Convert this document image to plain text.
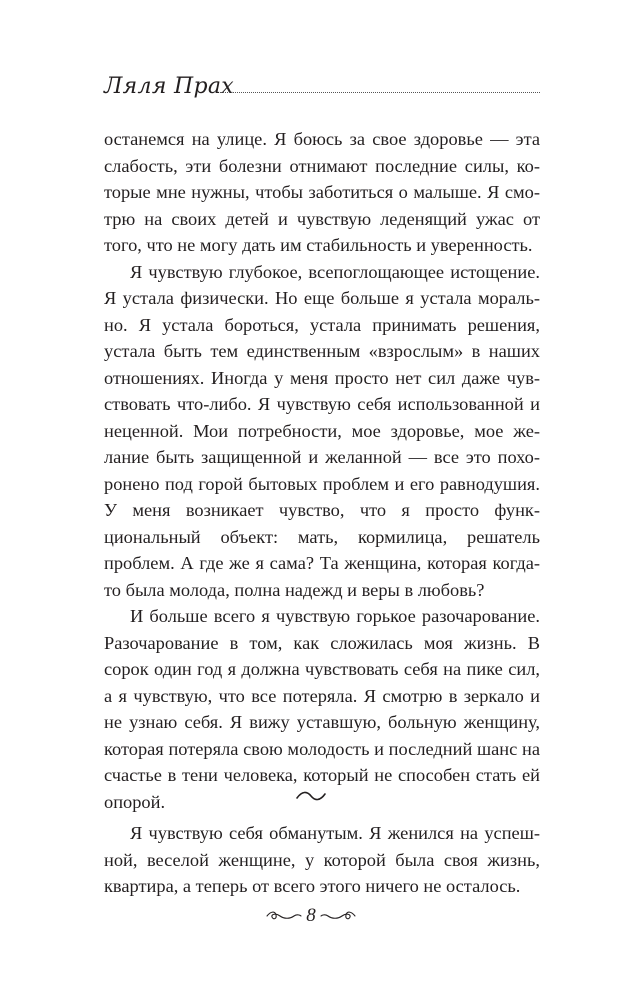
Ляля Прах

останемся на улице. Я боюсь за свое здоровье — эта слабость, эти болезни отнимают последние силы, которые мне нужны, чтобы заботиться о малыше. Я смотрю на своих детей и чувствую леденящий ужас от того, что не могу дать им стабильность и уверенность.

Я чувствую глубокое, всепоглощающее истощение. Я устала физически. Но еще больше я устала морально. Я устала бороться, устала принимать решения, устала быть тем единственным «взрослым» в наших отношениях. Иногда у меня просто нет сил даже чувствовать что-либо. Я чувствую себя использованной и неценной. Мои потребности, мое здоровье, мое желание быть защищенной и желанной — все это похоронено под горой бытовых проблем и его равнодушия. У меня возникает чувство, что я просто функциональный объект: мать, кормилица, решатель проблем. А где же я сама? Та женщина, которая когда-то была молода, полна надежд и веры в любовь?

И больше всего я чувствую горькое разочарование. Разочарование в том, как сложилась моя жизнь. В сорок один год я должна чувствовать себя на пике сил, а я чувствую, что все потеряла. Я смотрю в зеркало и не узнаю себя. Я вижу уставшую, больную женщину, которая потеряла свою молодость и последний шанс на счастье в тени человека, который не способен стать ей опорой.

Я чувствую себя обманутым. Я женился на успешной, веселой женщине, у которой была своя жизнь, квартира, а теперь от всего этого ничего не осталось.

8
